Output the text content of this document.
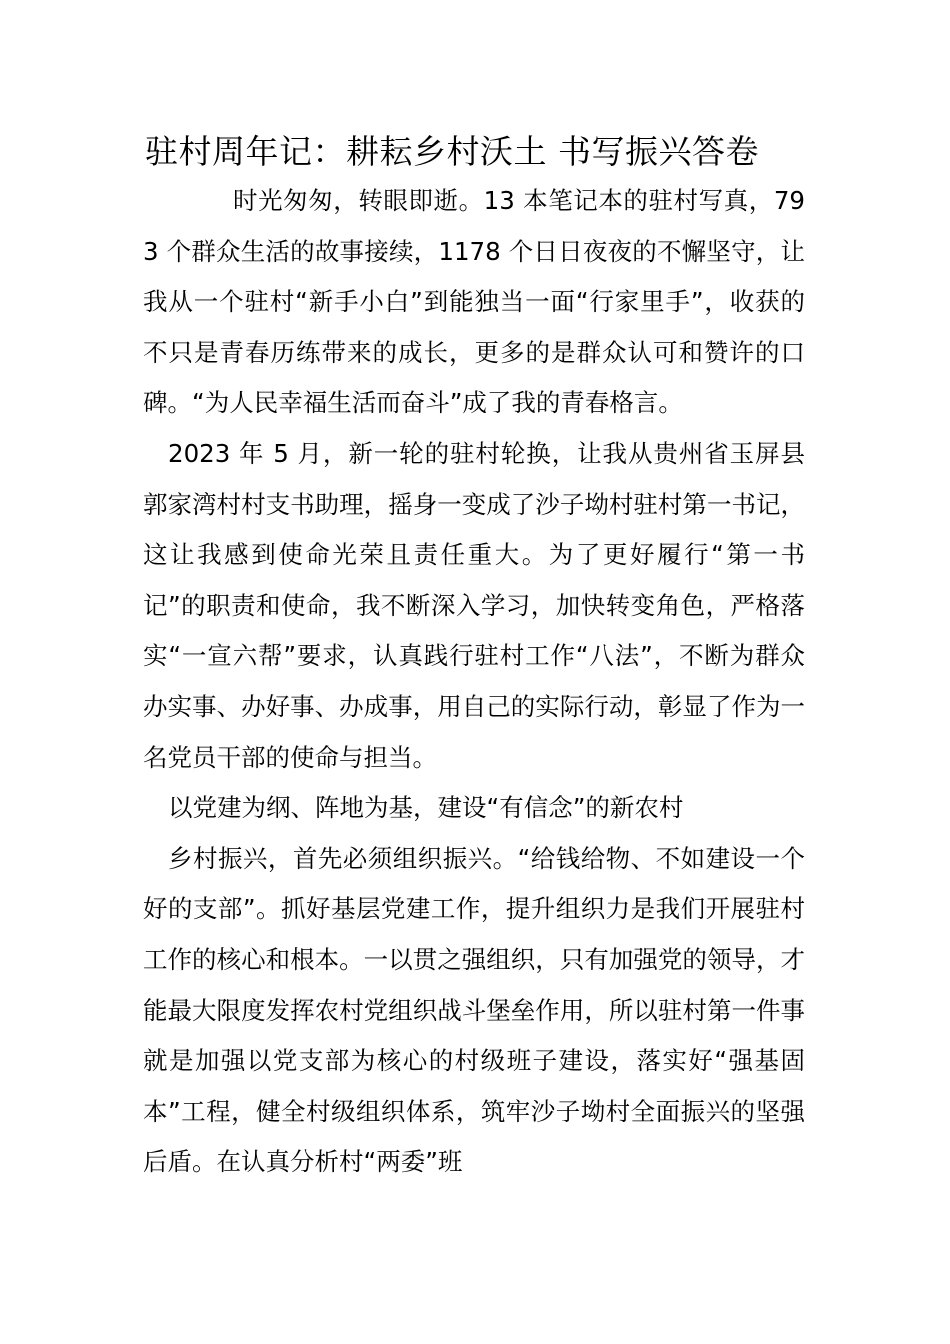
驻村周年记：耕耘乡村沃土 书写振兴答卷

时光匆匆，转眼即逝。13 本笔记本的驻村写真，793 个群众生活的故事接续，1178 个日日夜夜的不懈坚守，让我从一个驻村“新手小白”到能独当一面“行家里手”，收获的不只是青春历练带来的成长，更多的是群众认可和赞许的口碑。“为人民幸福生活而奋斗”成了我的青春格言。

2023 年 5 月，新一轮的驻村轮换，让我从贵州省玉屏县郭家湾村村支书助理，摇身一变成了沙子坳村驻村第一书记，这让我感到使命光荣且责任重大。为了更好履行“第一书记”的职责和使命，我不断深入学习，加快转变角色，严格落实“一宣六帮”要求，认真践行驻村工作“八法”，不断为群众办实事、办好事、办成事，用自己的实际行动，彰显了作为一名党员干部的使命与担当。

以党建为纲、阵地为基，建设“有信念”的新农村

乡村振兴，首先必须组织振兴。“给钱给物、不如建设一个好的支部”。抓好基层党建工作，提升组织力是我们开展驻村工作的核心和根本。一以贯之强组织，只有加强党的领导，才能最大限度发挥农村党组织战斗堡垒作用，所以驻村第一件事就是加强以党支部为核心的村级班子建设，落实好“强基固本”工程，健全村级组织体系，筑牢沙子坳村全面振兴的坚强后盾。在认真分析村“两委”班
